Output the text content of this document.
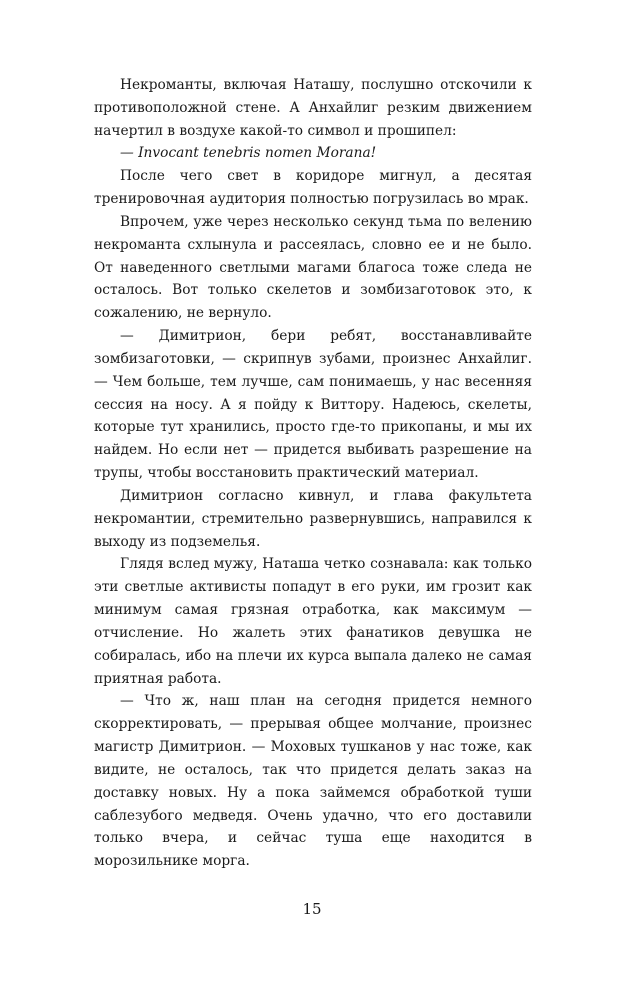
Некроманты, включая Наташу, послушно отскочили к противоположной стене. А Анхайлиг резким движением начертил в воздухе какой-то символ и прошипел:

— Invocant tenebris nomen Morana!

После чего свет в коридоре мигнул, а десятая тренировочная аудитория полностью погрузилась во мрак.

Впрочем, уже через несколько секунд тьма по велению некроманта схлынула и рассеялась, словно ее и не было. От наведенного светлыми магами благоса тоже следа не осталось. Вот только скелетов и зомбизаготовок это, к сожалению, не вернуло.

— Димитрион, бери ребят, восстанавливайте зомбизаготовки, — скрипнув зубами, произнес Анхайлиг. — Чем больше, тем лучше, сам понимаешь, у нас весенняя сессия на носу. А я пойду к Виттору. Надеюсь, скелеты, которые тут хранились, просто где-то прикопаны, и мы их найдем. Но если нет — придется выбивать разрешение на трупы, чтобы восстановить практический материал.

Димитрион согласно кивнул, и глава факультета некромантии, стремительно развернувшись, направился к выходу из подземелья.

Глядя вслед мужу, Наташа четко сознавала: как только эти светлые активисты попадут в его руки, им грозит как минимум самая грязная отработка, как максимум — отчисление. Но жалеть этих фанатиков девушка не собиралась, ибо на плечи их курса выпала далеко не самая приятная работа.

— Что ж, наш план на сегодня придется немного скорректировать, — прерывая общее молчание, произнес магистр Димитрион. — Моховых тушканов у нас тоже, как видите, не осталось, так что придется делать заказ на доставку новых. Ну а пока займемся обработкой туши саблезубого медведя. Очень удачно, что его доставили только вчера, и сейчас туша еще находится в морозильнике морга.

15
